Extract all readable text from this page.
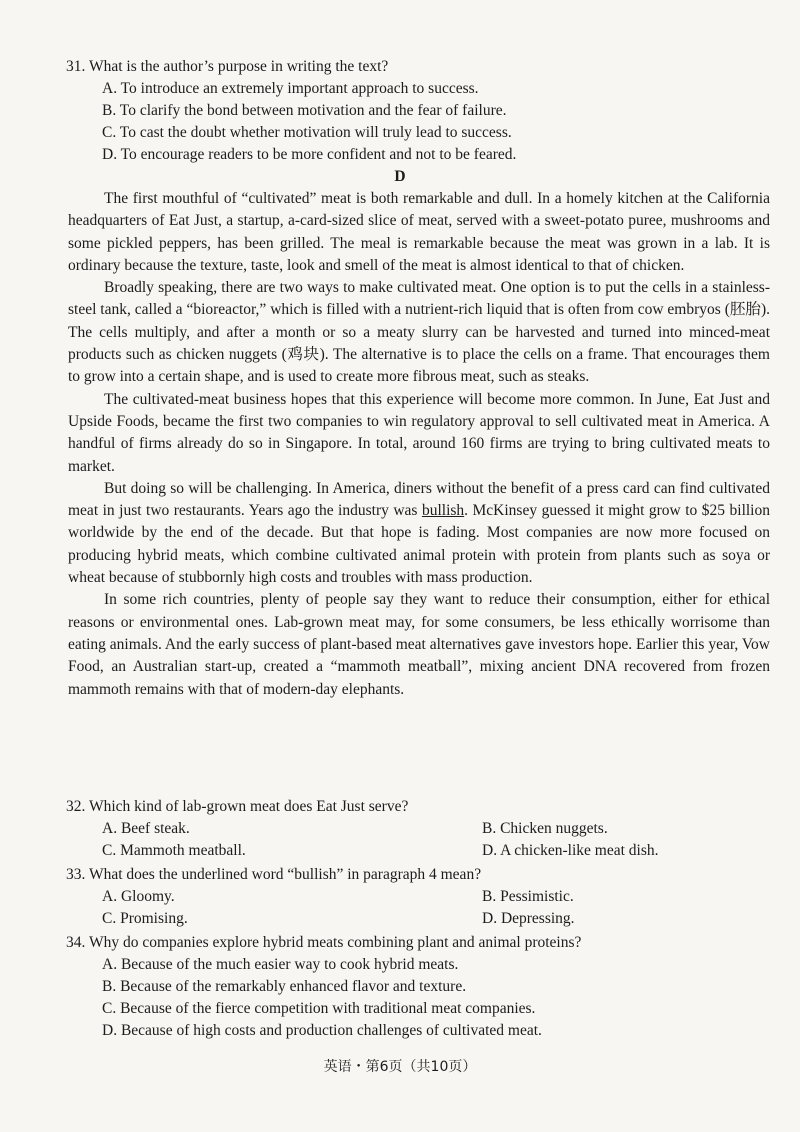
31. What is the author’s purpose in writing the text?
A. To introduce an extremely important approach to success.
B. To clarify the bond between motivation and the fear of failure.
C. To cast the doubt whether motivation will truly lead to success.
D. To encourage readers to be more confident and not to be feared.
D

The first mouthful of “cultivated” meat is both remarkable and dull. In a homely kitchen at the California headquarters of Eat Just, a startup, a-card-sized slice of meat, served with a sweet-potato puree, mushrooms and some pickled peppers, has been grilled. The meal is remarkable because the meat was grown in a lab. It is ordinary because the texture, taste, look and smell of the meat is almost identical to that of chicken.

Broadly speaking, there are two ways to make cultivated meat. One option is to put the cells in a stainless-steel tank, called a “bioreactor,” which is filled with a nutrient-rich liquid that is often from cow embryos (胚胎). The cells multiply, and after a month or so a meaty slurry can be harvested and turned into minced-meat products such as chicken nuggets (鸡块). The alternative is to place the cells on a frame. That encourages them to grow into a certain shape, and is used to create more fibrous meat, such as steaks.

The cultivated-meat business hopes that this experience will become more common. In June, Eat Just and Upside Foods, became the first two companies to win regulatory approval to sell cultivated meat in America. A handful of firms already do so in Singapore. In total, around 160 firms are trying to bring cultivated meats to market.

But doing so will be challenging. In America, diners without the benefit of a press card can find cultivated meat in just two restaurants. Years ago the industry was bullish. McKinsey guessed it might grow to $25 billion worldwide by the end of the decade. But that hope is fading. Most companies are now more focused on producing hybrid meats, which combine cultivated animal protein with protein from plants such as soya or wheat because of stubbornly high costs and troubles with mass production.

In some rich countries, plenty of people say they want to reduce their consumption, either for ethical reasons or environmental ones. Lab-grown meat may, for some consumers, be less ethically worrisome than eating animals. And the early success of plant-based meat alternatives gave investors hope. Earlier this year, Vow Food, an Australian start-up, created a “mammoth meatball”, mixing ancient DNA recovered from frozen mammoth remains with that of modern-day elephants.

32. Which kind of lab-grown meat does Eat Just serve?
A. Beef steak.	B. Chicken nuggets.
C. Mammoth meatball.	D. A chicken-like meat dish.
33. What does the underlined word “bullish” in paragraph 4 mean?
A. Gloomy.	B. Pessimistic.
C. Promising.	D. Depressing.
34. Why do companies explore hybrid meats combining plant and animal proteins?
A. Because of the much easier way to cook hybrid meats.
B. Because of the remarkably enhanced flavor and texture.
C. Because of the fierce competition with traditional meat companies.
D. Because of high costs and production challenges of cultivated meat.
英语・第6页（共10页）
